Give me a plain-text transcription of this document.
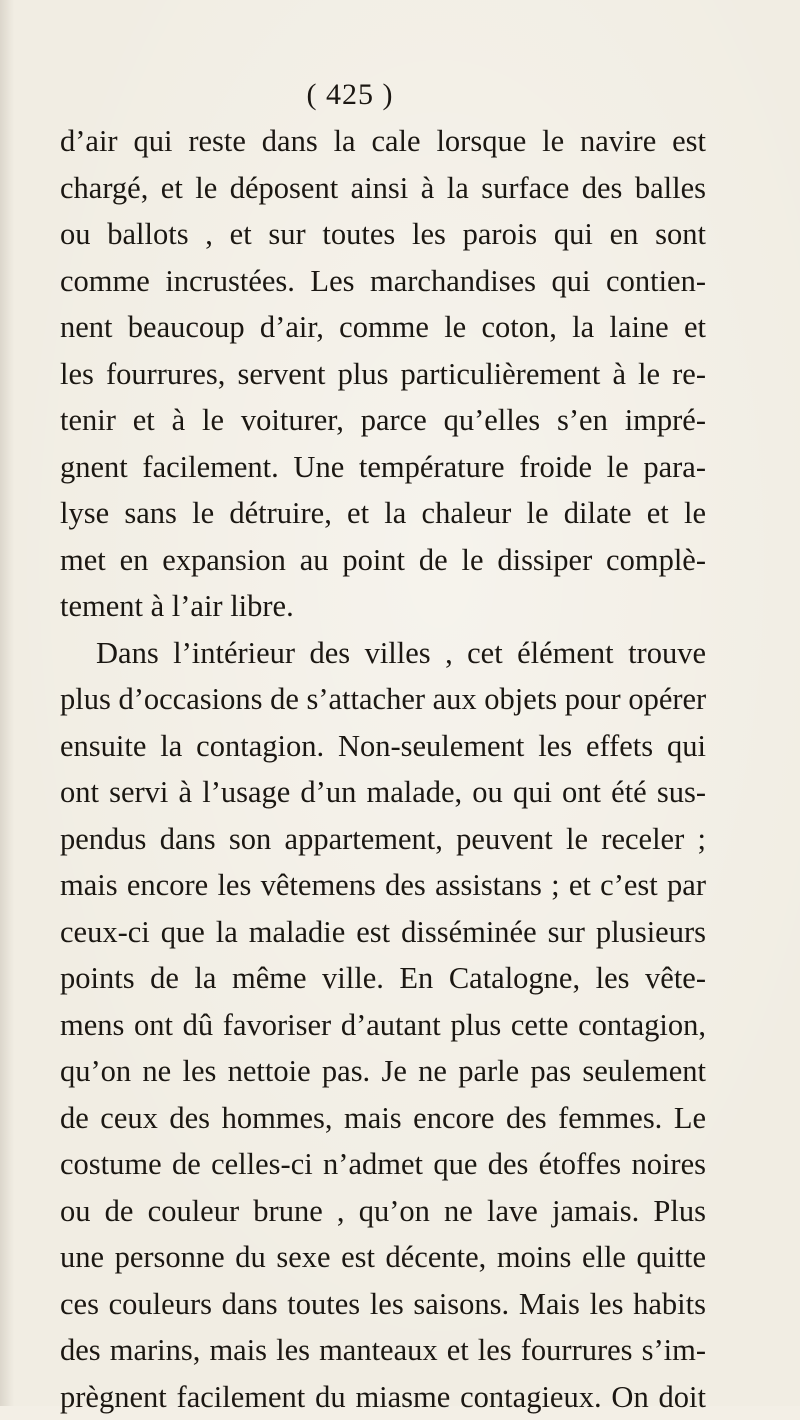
( 425 )
d’air qui reste dans la cale lorsque le navire est
chargé, et le déposent ainsi à la surface des balles
ou ballots , et sur toutes les parois qui en sont
comme incrustées. Les marchandises qui contien-
nent beaucoup d’air, comme le coton, la laine et
les fourrures, servent plus particulièrement à le re-
tenir et à le voiturer, parce qu’elles s’en impré-
gnent facilement. Une température froide le para-
lyse sans le détruire, et la chaleur le dilate et le
met en expansion au point de le dissiper complè-
tement à l’air libre.
Dans l’intérieur des villes , cet élément trouve
plus d’occasions de s’attacher aux objets pour opérer
ensuite la contagion. Non-seulement les effets qui
ont servi à l’usage d’un malade, ou qui ont été sus-
pendus dans son appartement, peuvent le receler ;
mais encore les vêtemens des assistans ; et c’est par
ceux-ci que la maladie est disséminée sur plusieurs
points de la même ville. En Catalogne, les vête-
mens ont dû favoriser d’autant plus cette contagion,
qu’on ne les nettoie pas. Je ne parle pas seulement
de ceux des hommes, mais encore des femmes. Le
costume de celles-ci n’admet que des étoffes noires
ou de couleur brune , qu’on ne lave jamais. Plus
une personne du sexe est décente, moins elle quitte
ces couleurs dans toutes les saisons. Mais les habits
des marins, mais les manteaux et les fourrures s’im-
prègnent facilement du miasme contagieux. On doit
